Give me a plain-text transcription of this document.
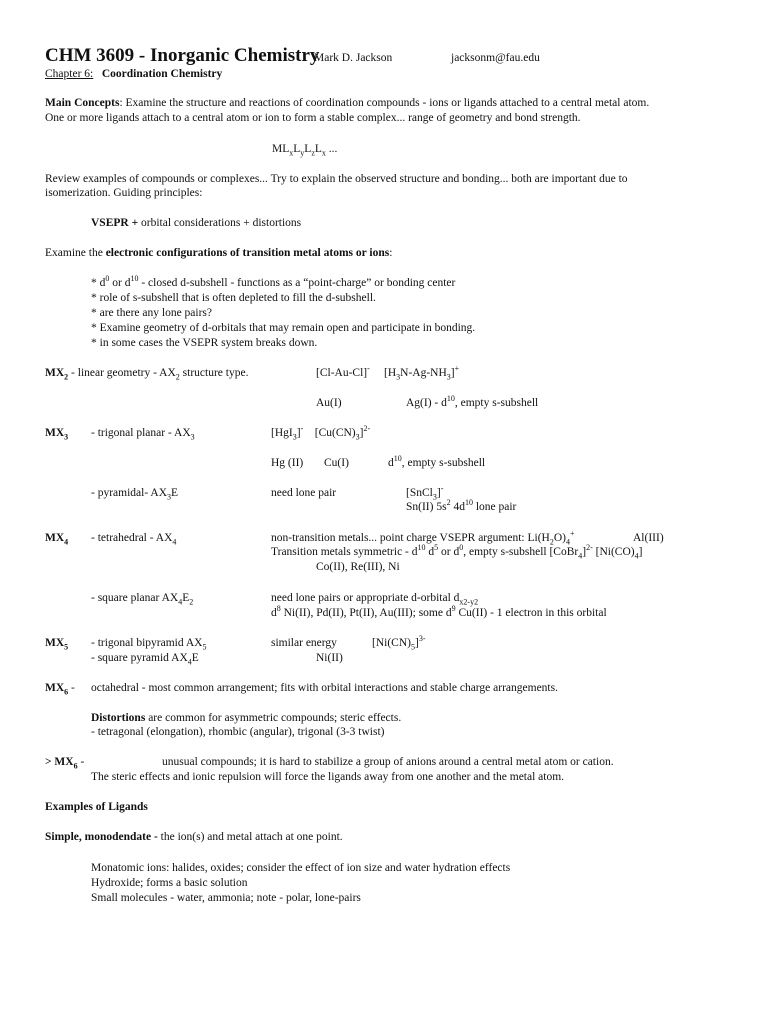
CHM 3609 - Inorganic Chemistry
Mark D. Jackson	jacksonm@fau.edu
Chapter 6: Coordination Chemistry
Main Concepts: Examine the structure and reactions of coordination compounds - ions or ligands attached to a central metal atom.
One or more ligands attach to a central atom or ion to form a stable complex... range of geometry and bond strength.
$ML_xL_yL_zL_x$ ...
Review examples of compounds or complexes... Try to explain the observed structure and bonding... both are important due to
isomerization. Guiding principles:
VSEPR + orbital considerations + distortions
Examine the electronic configurations of transition metal atoms or ions:
* $d^0$ or $d^{10}$ - closed d-subshell - functions as a “point-charge” or bonding center
* role of s-subshell that is often depleted to fill the d-subshell.
* are there any lone pairs?
* Examine geometry of d-orbitals that may remain open and participate in bonding.
* in some cases the VSEPR system breaks down.
$MX_2$ - linear geometry - $AX_2$ structure type.	[Cl-Au-Cl]- $[H_3N-Ag-NH_3]^+$
Au(I)	$Ag(I) - d^{10}$, empty s-subshell
$MX_3$ - trigonal planar - $AX_3$	[HgI$_3$]- $[Cu(CN)_3]^{2-}$
Hg (II) Cu(I)	$d^{10}$, empty s-subshell
- pyramidal- $AX_3E$	need lone pair	[SnCl$_3$]-
Sn(II) $5s^2$ $4d^{10}$ lone pair
$MX_4$ - tetrahedral - $AX_4$	non-transition metals... point charge VSEPR argument: $Li(H_2O)_4^+$	Al(III)
Transition metals symmetric - $d^{10}$ $d^5$ or $d^0$, empty s-subshell [CoBr$_4$]$^{2-}$ $[Ni(CO)_4]$
Co(II), Re(III), Ni
- square planar $AX_4E_2$	need lone pairs or appropriate d-orbital $d_{x2-y2}$
$d^8$ Ni(II), Pd(II), Pt(II), Au(III); some $d^9$ Cu(II) - 1 electron in this orbital
$MX_5$ - trigonal bipyramid $AX_5$	similar energy	$[Ni(CN)_5]^{3-}$
- square pyramid $AX_4E$	Ni(II)
$MX_6$ - octahedral - most common arrangement; fits with orbital interactions and stable charge arrangements.
Distortions are common for asymmetric compounds; steric effects.
- tetragonal (elongation), rhombic (angular), trigonal (3-3 twist)
> $MX_6$ -	unusual compounds; it is hard to stabilize a group of anions around a central metal atom or cation.
The steric effects and ionic repulsion will force the ligands away from one another and the metal atom.
Examples of Ligands
Simple, monodendate - the ion(s) and metal attach at one point.
Monatomic ions: halides, oxides; consider the effect of ion size and water hydration effects
Hydroxide; forms a basic solution
Small molecules - water, ammonia; note - polar, lone-pairs
